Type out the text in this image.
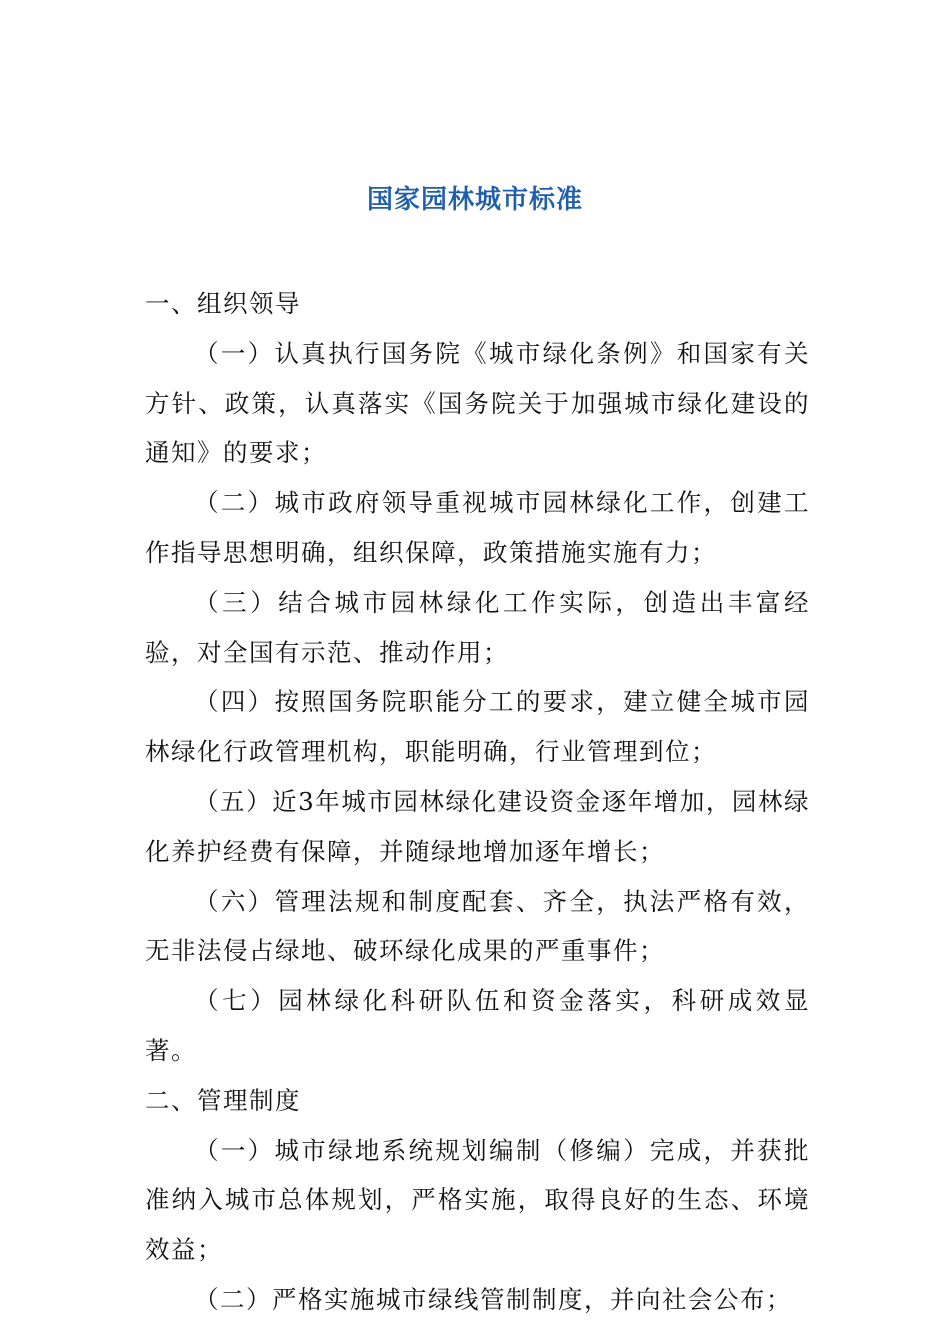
国家园林城市标准

一、组织领导

（一）认真执行国务院《城市绿化条例》和国家有关方针、政策，认真落实《国务院关于加强城市绿化建设的通知》的要求；

（二）城市政府领导重视城市园林绿化工作，创建工作指导思想明确，组织保障，政策措施实施有力；

（三）结合城市园林绿化工作实际，创造出丰富经验，对全国有示范、推动作用；

（四）按照国务院职能分工的要求，建立健全城市园林绿化行政管理机构，职能明确，行业管理到位；

（五）近3年城市园林绿化建设资金逐年增加，园林绿化养护经费有保障，并随绿地增加逐年增长；

（六）管理法规和制度配套、齐全，执法严格有效，无非法侵占绿地、破环绿化成果的严重事件；

（七）园林绿化科研队伍和资金落实，科研成效显著。

二、管理制度

（一）城市绿地系统规划编制（修编）完成，并获批准纳入城市总体规划，严格实施，取得良好的生态、环境效益；

（二）严格实施城市绿线管制制度，并向社会公布；
